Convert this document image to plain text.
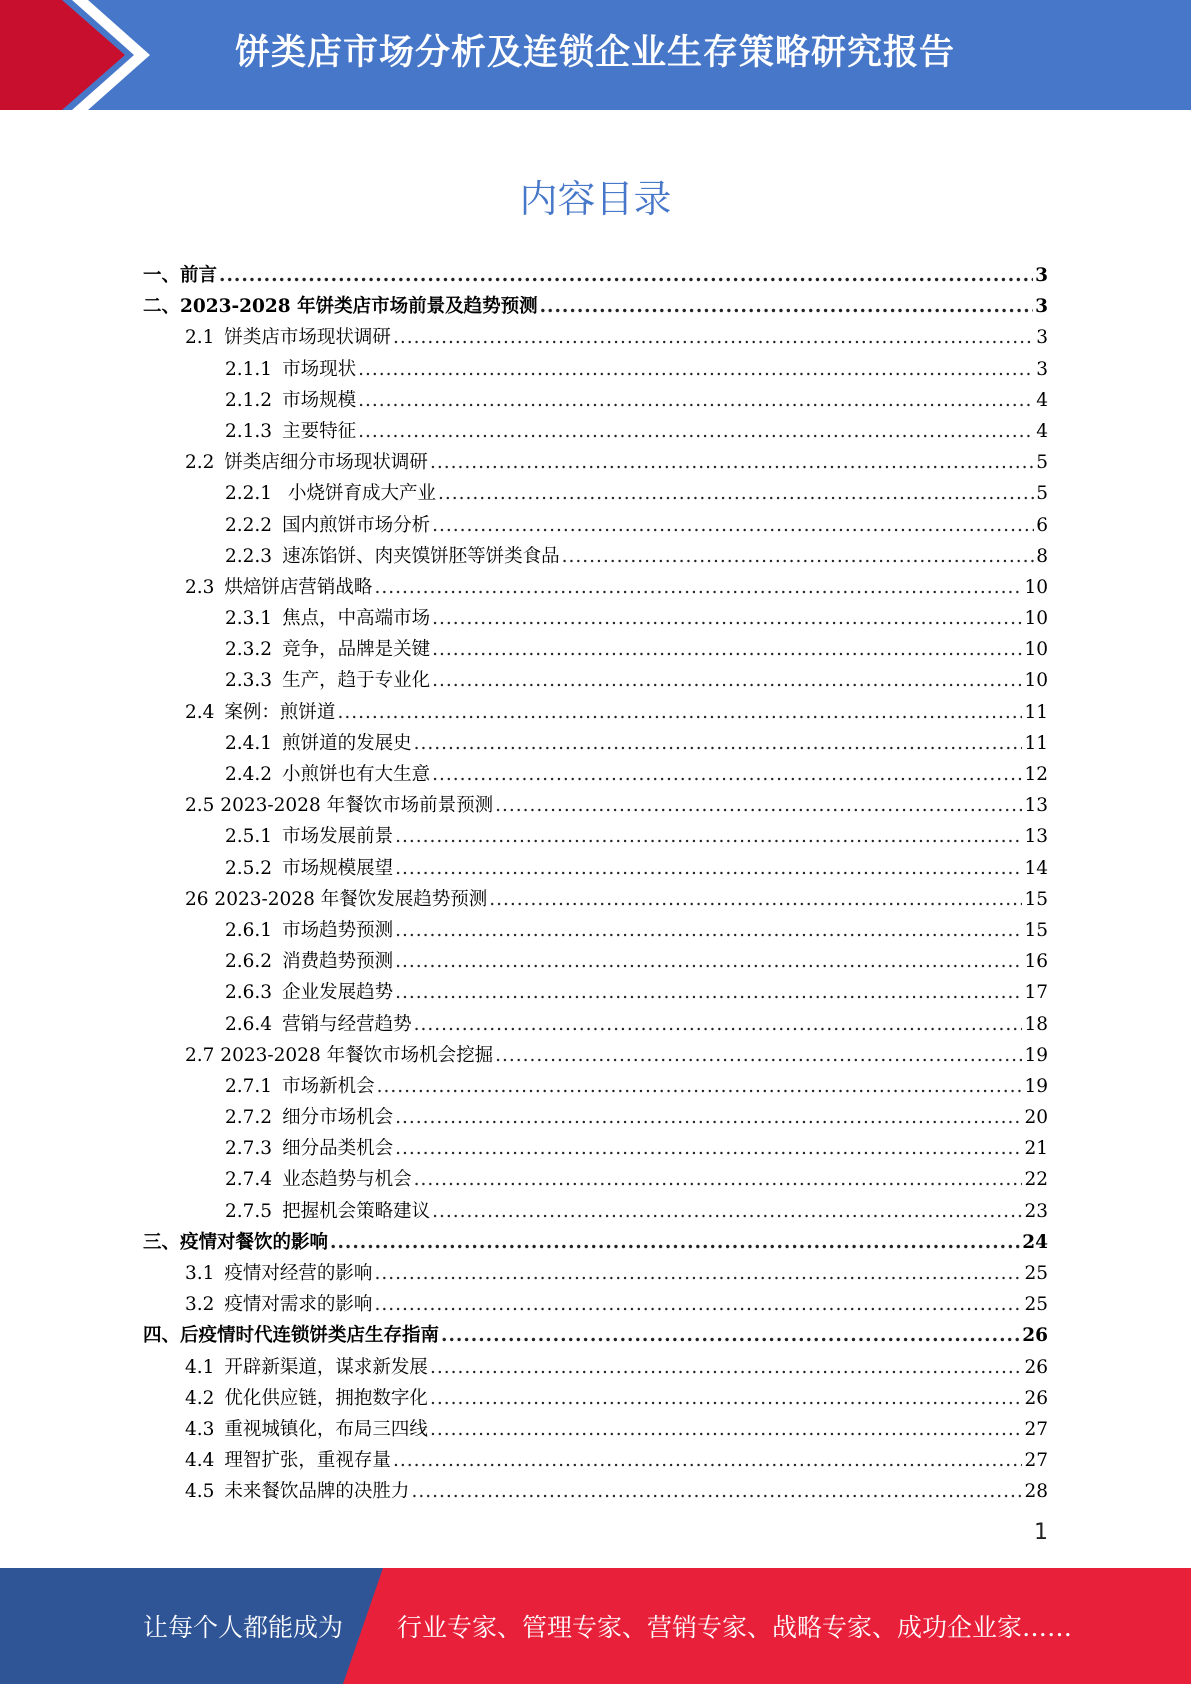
饼类店市场分析及连锁企业生存策略研究报告
内容目录
一、前言 .....	3
二、2023-2028 年饼类店市场前景及趋势预测 .....	3
2.1 饼类店市场现状调研 .....	3
2.1.1 市场现状 .....	3
2.1.2 市场规模 .....	4
2.1.3 主要特征 .....	4
2.2 饼类店细分市场现状调研 .....	5
2.2.1 小烧饼育成大产业 .....	5
2.2.2 国内煎饼市场分析 .....	6
2.2.3 速冻馅饼、肉夹馍饼胚等饼类食品 .....	8
2.3 烘焙饼店营销战略 .....	10
2.3.1 焦点，中高端市场 .....	10
2.3.2 竞争，品牌是关键 .....	10
2.3.3 生产，趋于专业化 .....	10
2.4 案例：煎饼道 .....	11
2.4.1 煎饼道的发展史 .....	11
2.4.2 小煎饼也有大生意 .....	12
2.5 2023-2028 年餐饮市场前景预测 .....	13
2.5.1 市场发展前景 .....	13
2.5.2 市场规模展望 .....	14
26 2023-2028 年餐饮发展趋势预测 .....	15
2.6.1 市场趋势预测 .....	15
2.6.2 消费趋势预测 .....	16
2.6.3 企业发展趋势 .....	17
2.6.4 营销与经营趋势 .....	18
2.7 2023-2028 年餐饮市场机会挖掘 .....	19
2.7.1 市场新机会 .....	19
2.7.2 细分市场机会 .....	20
2.7.3 细分品类机会 .....	21
2.7.4 业态趋势与机会 .....	22
2.7.5 把握机会策略建议 .....	23
三、疫情对餐饮的影响 .....	24
3.1 疫情对经营的影响 .....	25
3.2 疫情对需求的影响 .....	25
四、后疫情时代连锁饼类店生存指南 .....	26
4.1 开辟新渠道，谋求新发展 .....	26
4.2 优化供应链，拥抱数字化 .....	26
4.3 重视城镇化，布局三四线 .....	27
4.4 理智扩张，重视存量 .....	27
4.5 未来餐饮品牌的决胜力 .....	28
1
让每个人都能成为 行业专家、管理专家、营销专家、战略专家、成功企业家……
